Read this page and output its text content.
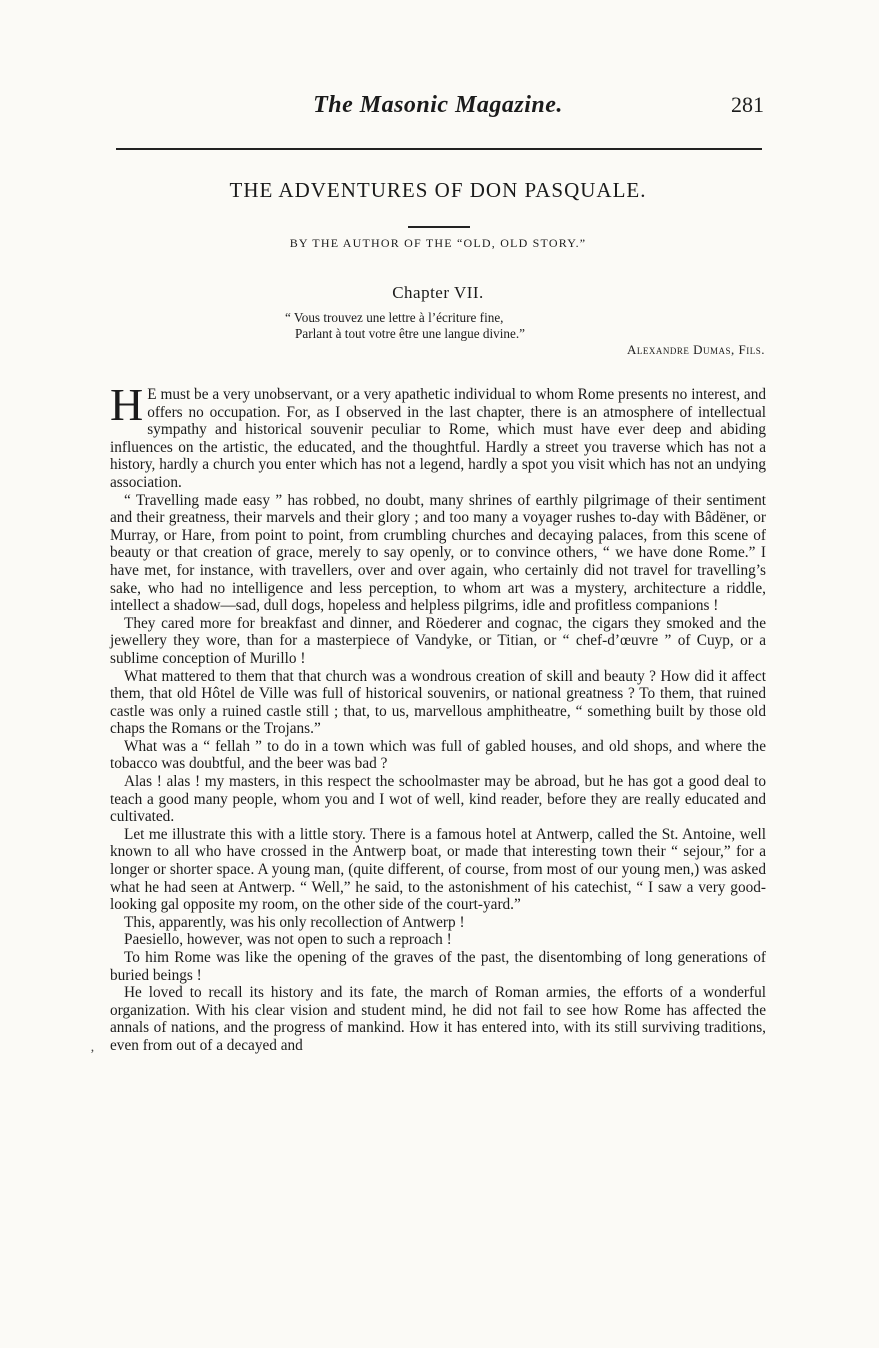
The Masonic Magazine.	281
THE ADVENTURES OF DON PASQUALE.
BY THE AUTHOR OF THE “OLD, OLD STORY.”
Chapter VII.
“ Vous trouvez une lettre à l’écriture fine,
Parlant à tout votre être une langue divine.”
Alexandre Dumas, Fils.

H E must be a very unobservant, or a very apathetic individual to whom Rome presents no interest, and offers no occupation. For, as I observed in the last chapter, there is an atmosphere of intellectual sympathy and historical souvenir peculiar to Rome, which must have ever deep and abiding influences on the artistic, the educated, and the thoughtful. Hardly a street you traverse which has not a history, hardly a church you enter which has not a legend, hardly a spot you visit which has not an undying association.

“ Travelling made easy ” has robbed, no doubt, many shrines of earthly pilgrimage of their sentiment and their greatness, their marvels and their glory ; and too many a voyager rushes to-day with Bâdëner, or Murray, or Hare, from point to point, from crumbling churches and decaying palaces, from this scene of beauty or that creation of grace, merely to say openly, or to convince others, “ we have done Rome.” I have met, for instance, with travellers, over and over again, who certainly did not travel for travelling’s sake, who had no intelligence and less perception, to whom art was a mystery, architecture a riddle, intellect a shadow—sad, dull dogs, hopeless and helpless pilgrims, idle and profitless companions !

They cared more for breakfast and dinner, and Röederer and cognac, the cigars they smoked and the jewellery they wore, than for a masterpiece of Vandyke, or Titian, or “ chef-d’œuvre ” of Cuyp, or a sublime conception of Murillo !

What mattered to them that that church was a wondrous creation of skill and beauty ? How did it affect them, that old Hôtel de Ville was full of historical souvenirs, or national greatness ? To them, that ruined castle was only a ruined castle still ; that, to us, marvellous amphitheatre, “ something built by those old chaps the Romans or the Trojans.”

What was a “ fellah ” to do in a town which was full of gabled houses, and old shops, and where the tobacco was doubtful, and the beer was bad ?

Alas ! alas ! my masters, in this respect the schoolmaster may be abroad, but he has got a good deal to teach a good many people, whom you and I wot of well, kind reader, before they are really educated and cultivated.

Let me illustrate this with a little story. There is a famous hotel at Antwerp, called the St. Antoine, well known to all who have crossed in the Antwerp boat, or made that interesting town their “ sejour,” for a longer or shorter space. A young man, (quite different, of course, from most of our young men,) was asked what he had seen at Antwerp. “ Well,” he said, to the astonishment of his catechist, “ I saw a very good-looking gal opposite my room, on the other side of the court-yard.”

This, apparently, was his only recollection of Antwerp !

Paesiello, however, was not open to such a reproach !

To him Rome was like the opening of the graves of the past, the disentombing of long generations of buried beings !

He loved to recall its history and its fate, the march of Roman armies, the efforts of a wonderful organization. With his clear vision and student mind, he did not fail to see how Rome has affected the annals of nations, and the progress of mankind. How it has entered into, with its still surviving traditions, even from out of a decayed and

‚
